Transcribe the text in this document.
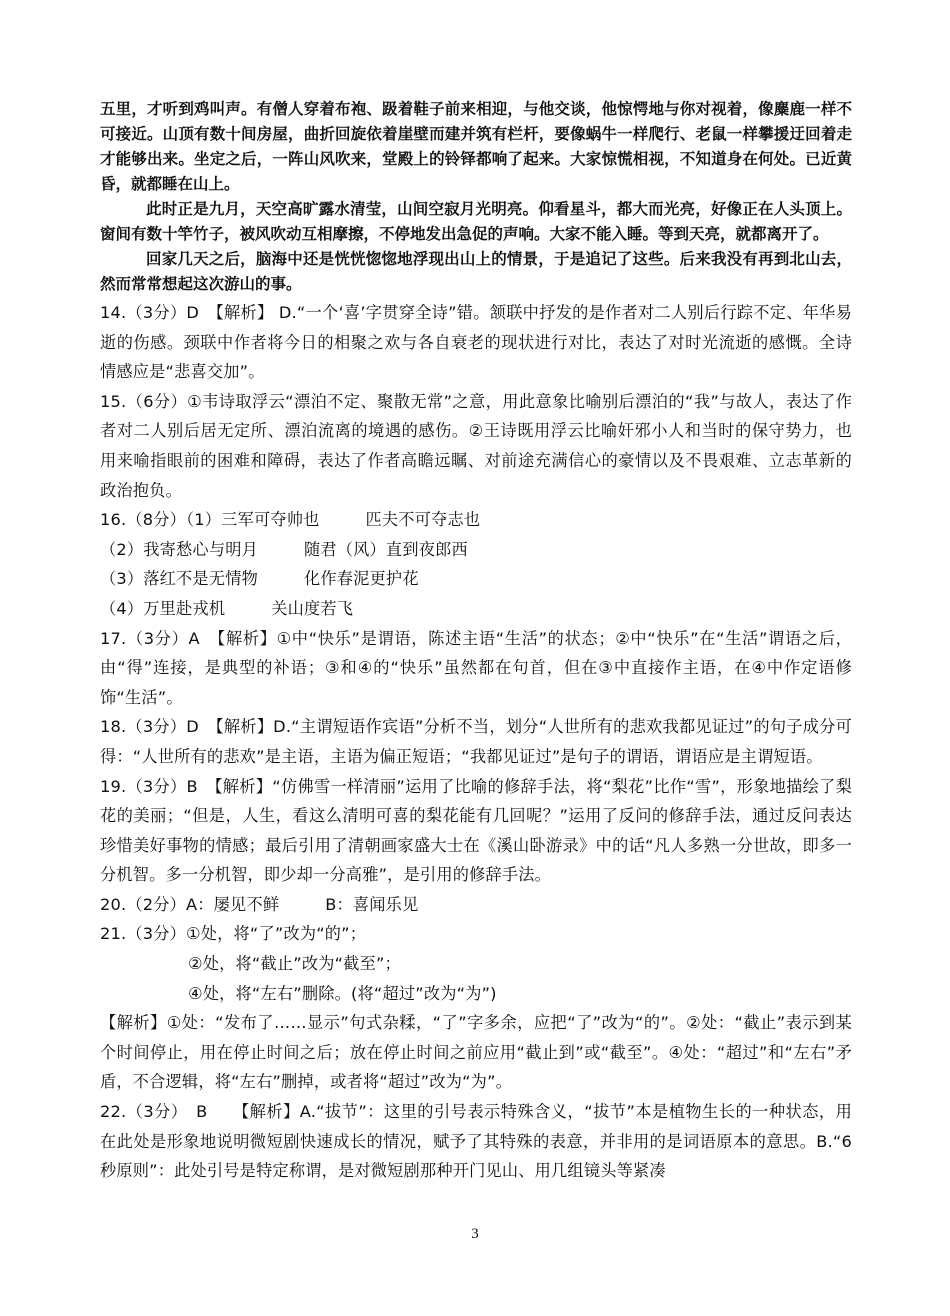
五里，才听到鸡叫声。有僧人穿着布袍、趿着鞋子前来相迎，与他交谈，他惊愕地与你对视着，像麋鹿一样不可接近。山顶有数十间房屋，曲折回旋依着崖壁而建并筑有栏杆，要像蜗牛一样爬行、老鼠一样攀援迂回着走才能够出来。坐定之后，一阵山风吹来，堂殿上的铃铎都响了起来。大家惊慌相视，不知道身在何处。已近黄昏，就都睡在山上。

此时正是九月，天空高旷露水清莹，山间空寂月光明亮。仰看星斗，都大而光亮，好像正在人头顶上。窗间有数十竿竹子，被风吹动互相摩擦，不停地发出急促的声响。大家不能入睡。等到天亮，就都离开了。

回家几天之后，脑海中还是恍恍惚惚地浮现出山上的情景，于是追记了这些。后来我没有再到北山去，然而常常想起这次游山的事。

14.（3分）D　【解析】 D.“一个‘喜’字贯穿全诗”错。颔联中抒发的是作者对二人别后行踪不定、年华易逝的伤感。颈联中作者将今日的相聚之欢与各自衰老的现状进行对比，表达了对时光流逝的感慨。全诗情感应是“悲喜交加”。

15.（6分）①韦诗取浮云“漂泊不定、聚散无常”之意，用此意象比喻别后漂泊的“我”与故人，表达了作者对二人别后居无定所、漂泊流离的境遇的感伤。②王诗既用浮云比喻奸邪小人和当时的保守势力，也用来喻指眼前的困难和障碍，表达了作者高瞻远瞩、对前途充满信心的豪情以及不畏艰难、立志革新的政治抱负。

16.（8分）（1）三军可夺帅也	匹夫不可夺志也

（2）我寄愁心与明月	随君（风）直到夜郎西

（3）落红不是无情物	化作春泥更护花

（4）万里赴戎机	关山度若飞

17.（3分）A　【解析】①中“快乐”是谓语，陈述主语“生活”的状态；②中“快乐”在“生活”谓语之后，由“得”连接，是典型的补语；③和④的“快乐”虽然都在句首，但在③中直接作主语，在④中作定语修饰“生活”。

18.（3分）D　【解析】D.“主谓短语作宾语”分析不当，划分“人世所有的悲欢我都见证过”的句子成分可得：“人世所有的悲欢”是主语，主语为偏正短语；“我都见证过”是句子的谓语，谓语应是主谓短语。

19.（3分）B　【解析】“仿佛雪一样清丽”运用了比喻的修辞手法，将“梨花”比作“雪”，形象地描绘了梨花的美丽；“但是，人生，看这么清明可喜的梨花能有几回呢？”运用了反问的修辞手法，通过反问表达珍惜美好事物的情感；最后引用了清朝画家盛大士在《溪山卧游录》中的话“凡人多熟一分世故，即多一分机智。多一分机智，即少却一分高雅”，是引用的修辞手法。

20.（2分）A：屡见不鲜	B：喜闻乐见

21.（3分）①处，将“了”改为“的”；

②处，将“截止”改为“截至”；

④处，将“左右”删除。(将“超过”改为“为”)

【解析】①处：“发布了……显示”句式杂糅，“了”字多余，应把“了”改为“的”。②处：“截止”表示到某个时间停止，用在停止时间之后；放在停止时间之前应用“截止到”或“截至”。④处：“超过”和“左右”矛盾，不合逻辑，将“左右”删掉，或者将“超过”改为“为”。

22.（3分）　B　　【解析】A.“拔节”：这里的引号表示特殊含义，“拔节”本是植物生长的一种状态，用在此处是形象地说明微短剧快速成长的情况，赋予了其特殊的表意，并非用的是词语原本的意思。B.“6秒原则”：此处引号是特定称谓，是对微短剧那种开门见山、用几组镜头等紧凑

3
